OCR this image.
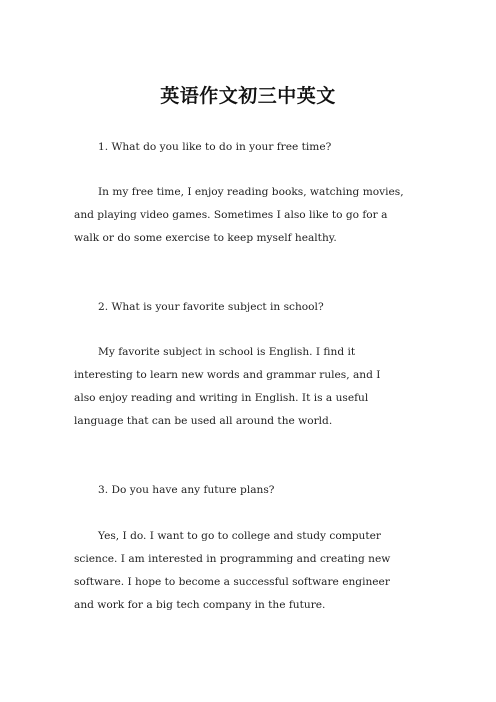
英语作文初三中英文

1. What do you like to do in your free time?

In my free time, I enjoy reading books, watching movies,
and playing video games. Sometimes I also like to go for a
walk or do some exercise to keep myself healthy.

2. What is your favorite subject in school?

My favorite subject in school is English. I find it
interesting to learn new words and grammar rules, and I
also enjoy reading and writing in English. It is a useful
language that can be used all around the world.

3. Do you have any future plans?

Yes, I do. I want to go to college and study computer
science. I am interested in programming and creating new
software. I hope to become a successful software engineer
and work for a big tech company in the future.
